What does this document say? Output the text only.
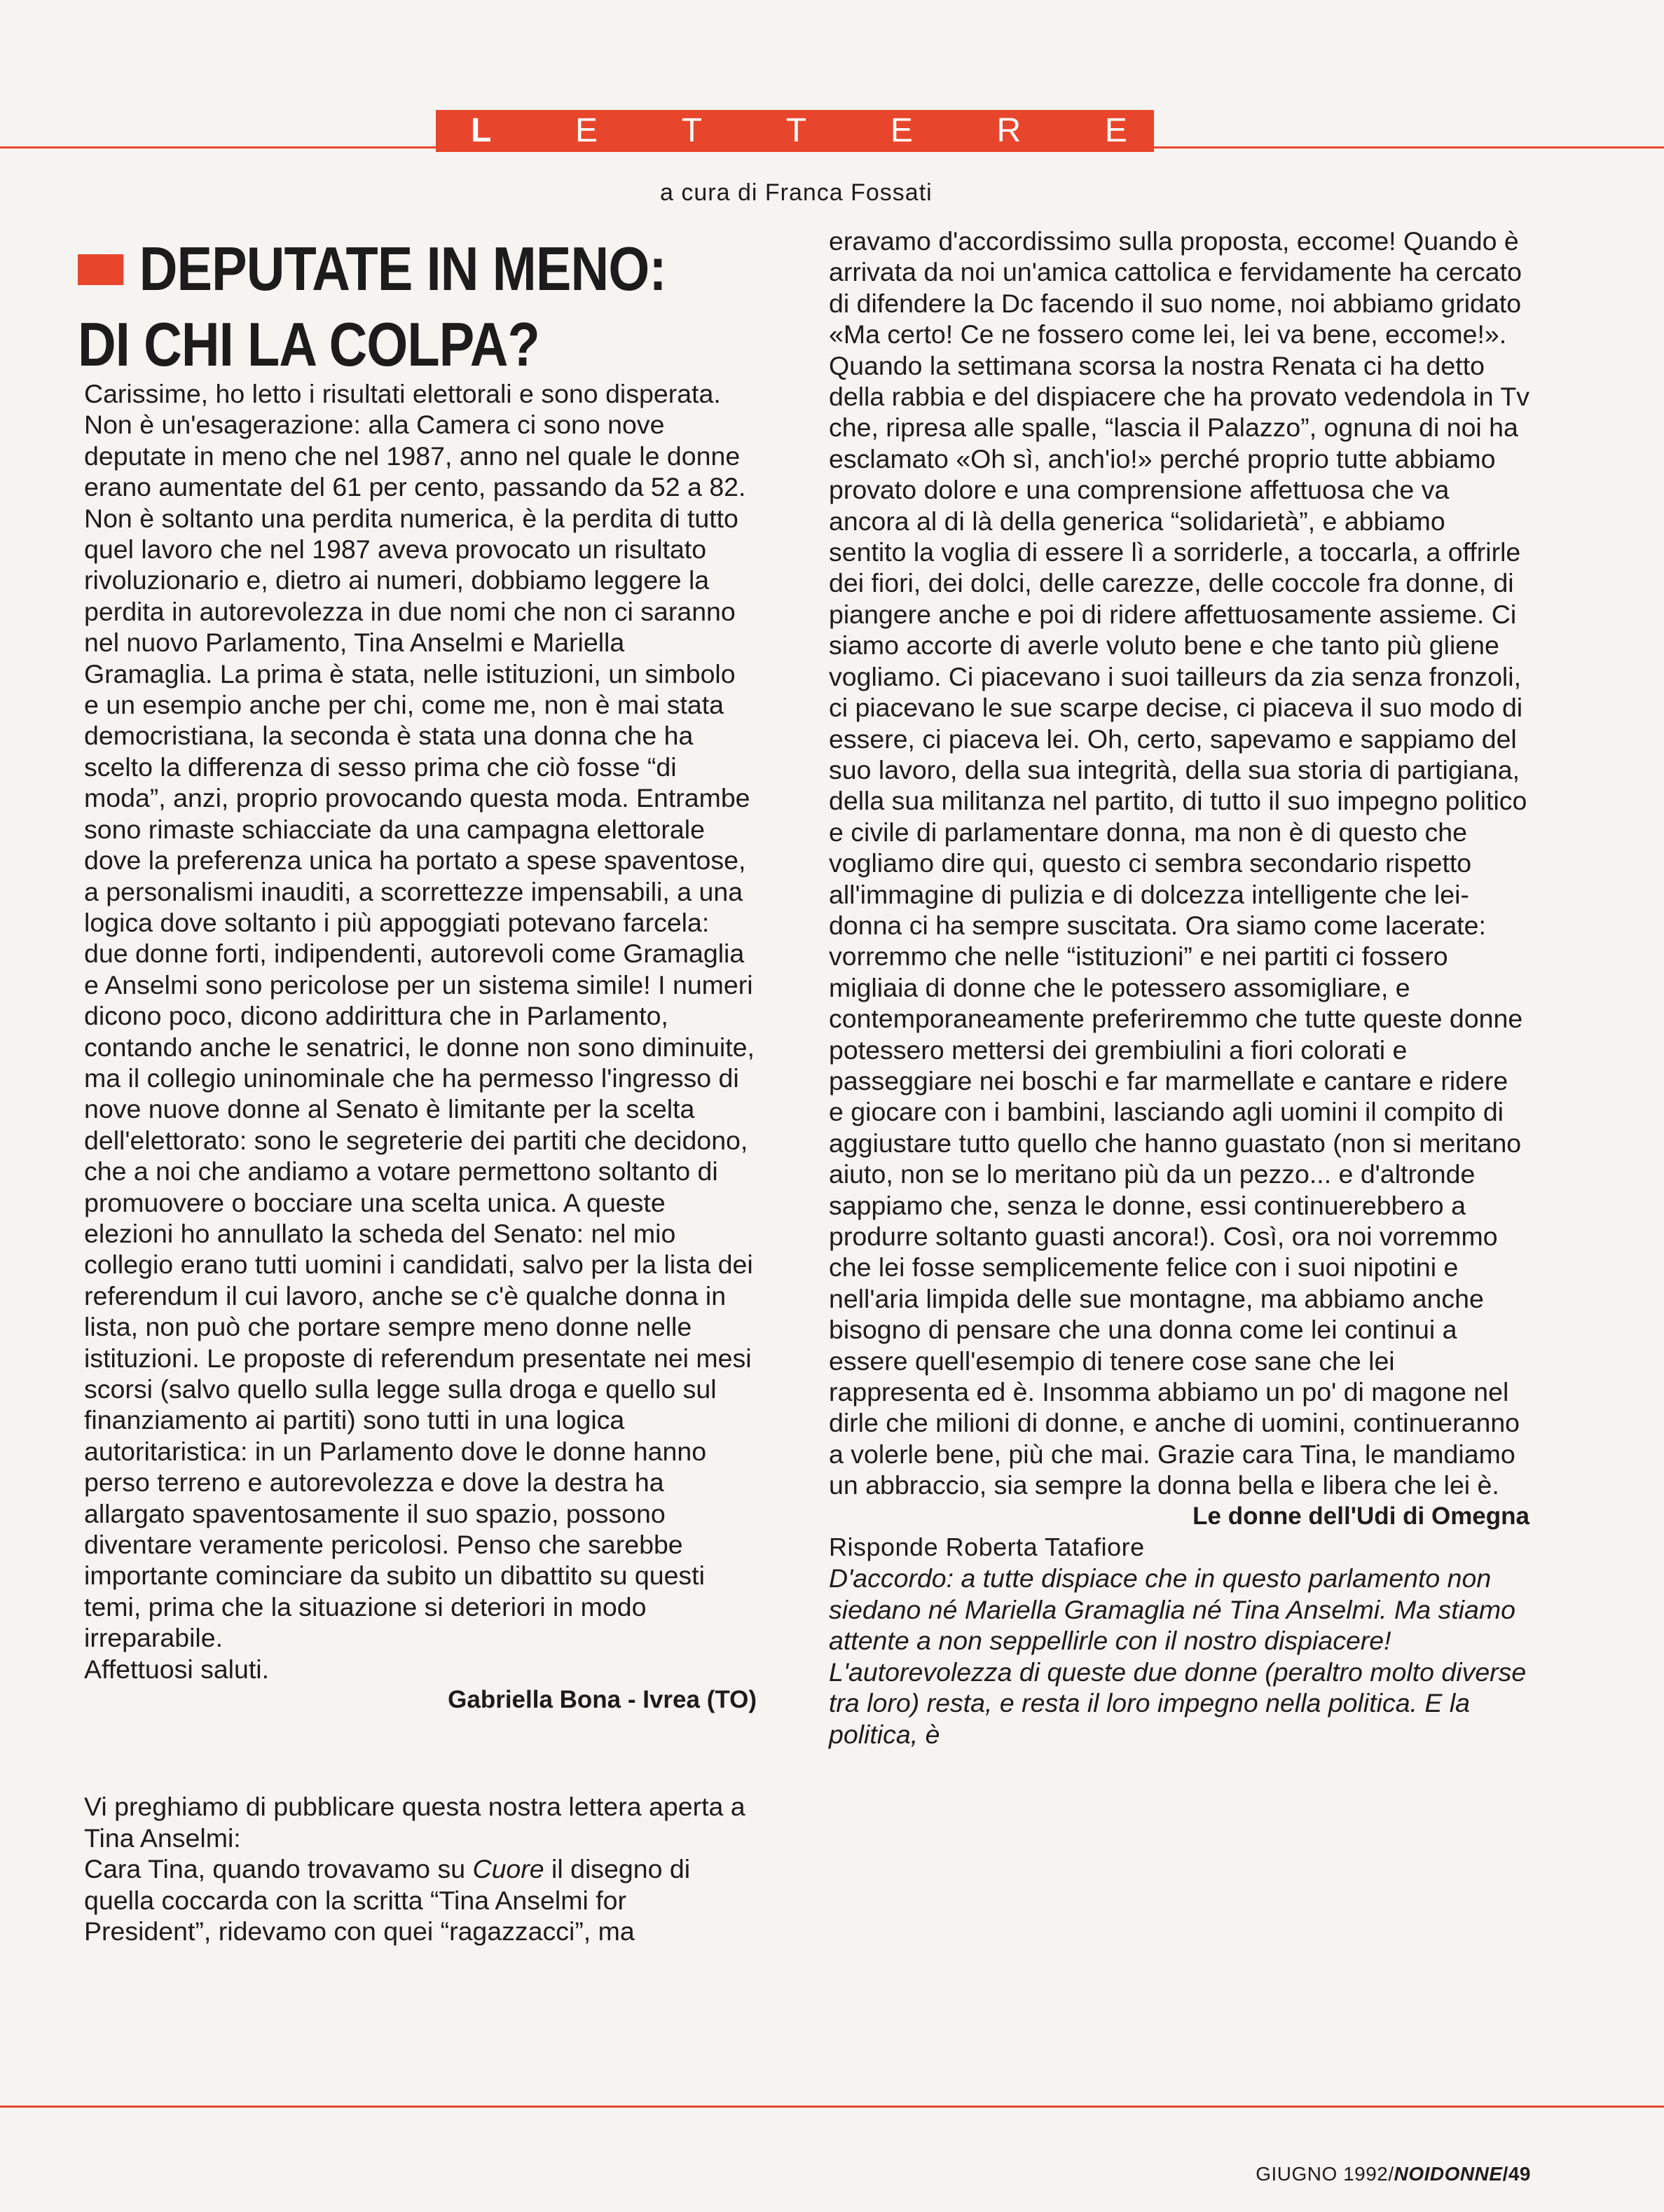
L E T T E R E
a cura di Franca Fossati
DEPUTATE IN MENO:
DI CHI LA COLPA?

Carissime, ho letto i risultati elettorali e sono disperata. Non è un'esagerazione: alla Camera ci sono nove deputate in meno che nel 1987, anno nel quale le donne erano aumentate del 61 per cento, passando da 52 a 82. Non è soltanto una perdita numerica, è la perdita di tutto quel lavoro che nel 1987 aveva provocato un risultato rivoluzionario e, dietro ai numeri, dobbiamo leggere la perdita in autorevolezza in due nomi che non ci saranno nel nuovo Parlamento, Tina Anselmi e Mariella Gramaglia. La prima è stata, nelle istituzioni, un simbolo e un esempio anche per chi, come me, non è mai stata democristiana, la seconda è stata una donna che ha scelto la differenza di sesso prima che ciò fosse “di moda”, anzi, proprio provocando questa moda. Entrambe sono rimaste schiacciate da una campagna elettorale dove la preferenza unica ha portato a spese spaventose, a personalismi inauditi, a scorrettezze impensabili, a una logica dove soltanto i più appoggiati potevano farcela: due donne forti, indipendenti, autorevoli come Gramaglia e Anselmi sono pericolose per un sistema simile! I numeri dicono poco, dicono addirittura che in Parlamento, contando anche le senatrici, le donne non sono diminuite, ma il collegio uninominale che ha permesso l'ingresso di nove nuove donne al Senato è limitante per la scelta dell'elettorato: sono le segreterie dei partiti che decidono, che a noi che andiamo a votare permettono soltanto di promuovere o bocciare una scelta unica. A queste elezioni ho annullato la scheda del Senato: nel mio collegio erano tutti uomini i candidati, salvo per la lista dei referendum il cui lavoro, anche se c'è qualche donna in lista, non può che portare sempre meno donne nelle istituzioni. Le proposte di referendum presentate nei mesi scorsi (salvo quello sulla legge sulla droga e quello sul finanziamento ai partiti) sono tutti in una logica autoritaristica: in un Parlamento dove le donne hanno perso terreno e autorevolezza e dove la destra ha allargato spaventosamente il suo spazio, possono diventare veramente pericolosi. Penso che sarebbe importante cominciare da subito un dibattito su questi temi, prima che la situazione si deteriori in modo irreparabile.

Affettuosi saluti.

Gabriella Bona - Ivrea (TO)

Vi preghiamo di pubblicare questa nostra lettera aperta a Tina Anselmi:

Cara Tina, quando trovavamo su Cuore il disegno di quella coccarda con la scritta “Tina Anselmi for President”, ridevamo con quei “ragazzacci”, ma

eravamo d'accordissimo sulla proposta, eccome! Quando è arrivata da noi un'amica cattolica e fervidamente ha cercato di difendere la Dc facendo il suo nome, noi abbiamo gridato «Ma certo! Ce ne fossero come lei, lei va bene, eccome!». Quando la settimana scorsa la nostra Renata ci ha detto della rabbia e del dispiacere che ha provato vedendola in Tv che, ripresa alle spalle, “lascia il Palazzo”, ognuna di noi ha esclamato «Oh sì, anch'io!» perché proprio tutte abbiamo provato dolore e una comprensione affettuosa che va ancora al di là della generica “solidarietà”, e abbiamo sentito la voglia di essere lì a sorriderle, a toccarla, a offrirle dei fiori, dei dolci, delle carezze, delle coccole fra donne, di piangere anche e poi di ridere affettuosamente assieme. Ci siamo accorte di averle voluto bene e che tanto più gliene vogliamo. Ci piacevano i suoi tailleurs da zia senza fronzoli, ci piacevano le sue scarpe decise, ci piaceva il suo modo di essere, ci piaceva lei. Oh, certo, sapevamo e sappiamo del suo lavoro, della sua integrità, della sua storia di partigiana, della sua militanza nel partito, di tutto il suo impegno politico e civile di parlamentare donna, ma non è di questo che vogliamo dire qui, questo ci sembra secondario rispetto all'immagine di pulizia e di dolcezza intelligente che lei-donna ci ha sempre suscitata. Ora siamo come lacerate: vorremmo che nelle “istituzioni” e nei partiti ci fossero migliaia di donne che le potessero assomigliare, e contemporaneamente preferiremmo che tutte queste donne potessero mettersi dei grembiulini a fiori colorati e passeggiare nei boschi e far marmellate e cantare e ridere e giocare con i bambini, lasciando agli uomini il compito di aggiustare tutto quello che hanno guastato (non si meritano aiuto, non se lo meritano più da un pezzo... e d'altronde sappiamo che, senza le donne, essi continuerebbero a produrre soltanto guasti ancora!). Così, ora noi vorremmo che lei fosse semplicemente felice con i suoi nipotini e nell'aria limpida delle sue montagne, ma abbiamo anche bisogno di pensare che una donna come lei continui a essere quell'esempio di tenere cose sane che lei rappresenta ed è. Insomma abbiamo un po' di magone nel dirle che milioni di donne, e anche di uomini, continueranno a volerle bene, più che mai. Grazie cara Tina, le mandiamo un abbraccio, sia sempre la donna bella e libera che lei è.

Le donne dell'Udi di Omegna

Risponde Roberta Tatafiore

D'accordo: a tutte dispiace che in questo parlamento non siedano né Mariella Gramaglia né Tina Anselmi. Ma stiamo attente a non seppellirle con il nostro dispiacere! L'autorevolezza di queste due donne (peraltro molto diverse tra loro) resta, e resta il loro impegno nella politica. E la politica, è

GIUGNO 1992/NOIDONNE/49
